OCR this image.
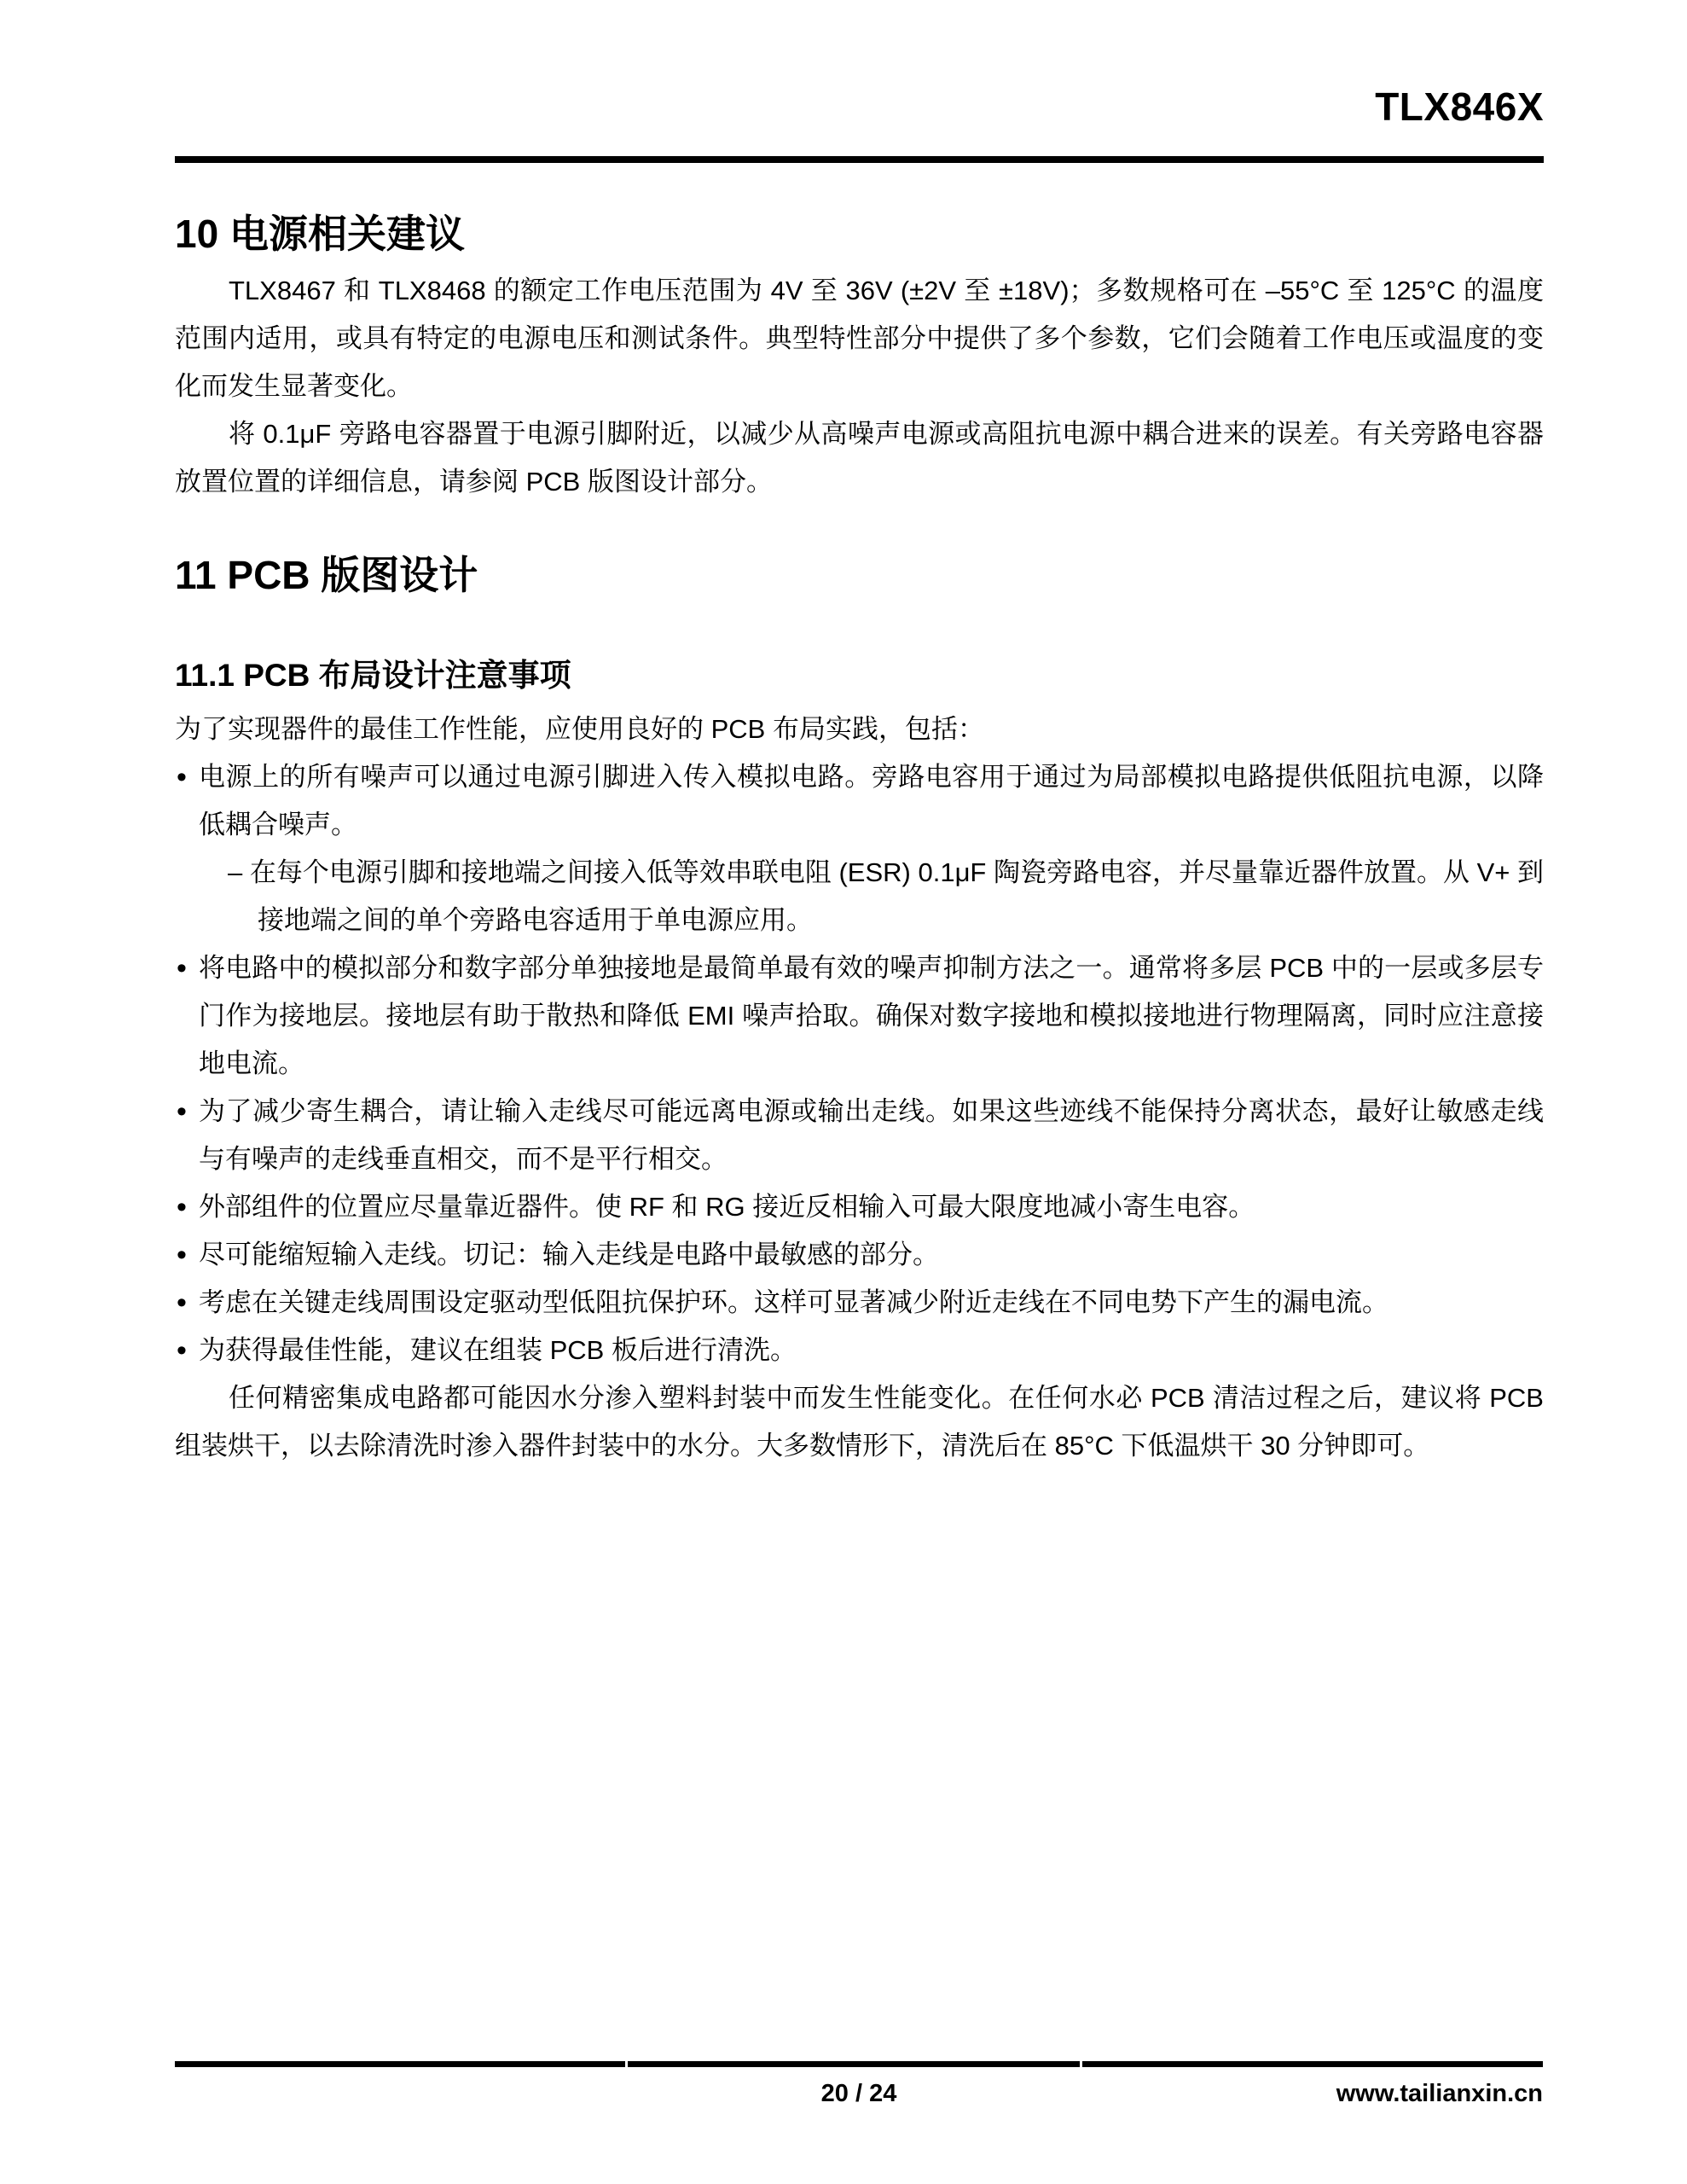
TLX846X
10 电源相关建议

TLX8467 和 TLX8468 的额定工作电压范围为 4V 至 36V (±2V 至 ±18V)；多数规格可在 –55°C 至 125°C 的温度范围内适用，或具有特定的电源电压和测试条件。典型特性部分中提供了多个参数，它们会随着工作电压或温度的变化而发生显著变化。

将 0.1μF 旁路电容器置于电源引脚附近，以减少从高噪声电源或高阻抗电源中耦合进来的误差。有关旁路电容器放置位置的详细信息，请参阅 PCB 版图设计部分。

11 PCB 版图设计
11.1 PCB 布局设计注意事项

为了实现器件的最佳工作性能，应使用良好的 PCB 布局实践，包括：

• 电源上的所有噪声可以通过电源引脚进入传入模拟电路。旁路电容用于通过为局部模拟电路提供低阻抗电源，以降低耦合噪声。
– 在每个电源引脚和接地端之间接入低等效串联电阻 (ESR) 0.1μF 陶瓷旁路电容，并尽量靠近器件放置。从 V+ 到接地端之间的单个旁路电容适用于单电源应用。
• 将电路中的模拟部分和数字部分单独接地是最简单最有效的噪声抑制方法之一。通常将多层 PCB 中的一层或多层专门作为接地层。接地层有助于散热和降低 EMI 噪声拾取。确保对数字接地和模拟接地进行物理隔离，同时应注意接地电流。
• 为了减少寄生耦合，请让输入走线尽可能远离电源或输出走线。如果这些迹线不能保持分离状态，最好让敏感走线与有噪声的走线垂直相交，而不是平行相交。
• 外部组件的位置应尽量靠近器件。使 RF 和 RG 接近反相输入可最大限度地减小寄生电容。
• 尽可能缩短输入走线。切记：输入走线是电路中最敏感的部分。
• 考虑在关键走线周围设定驱动型低阻抗保护环。这样可显著减少附近走线在不同电势下产生的漏电流。
• 为获得最佳性能，建议在组装 PCB 板后进行清洗。

任何精密集成电路都可能因水分渗入塑料封装中而发生性能变化。在任何水必 PCB 清洁过程之后，建议将 PCB 组装烘干，以去除清洗时渗入器件封装中的水分。大多数情形下，清洗后在 85°C 下低温烘干 30 分钟即可。

20 / 24	www.tailianxin.cn
